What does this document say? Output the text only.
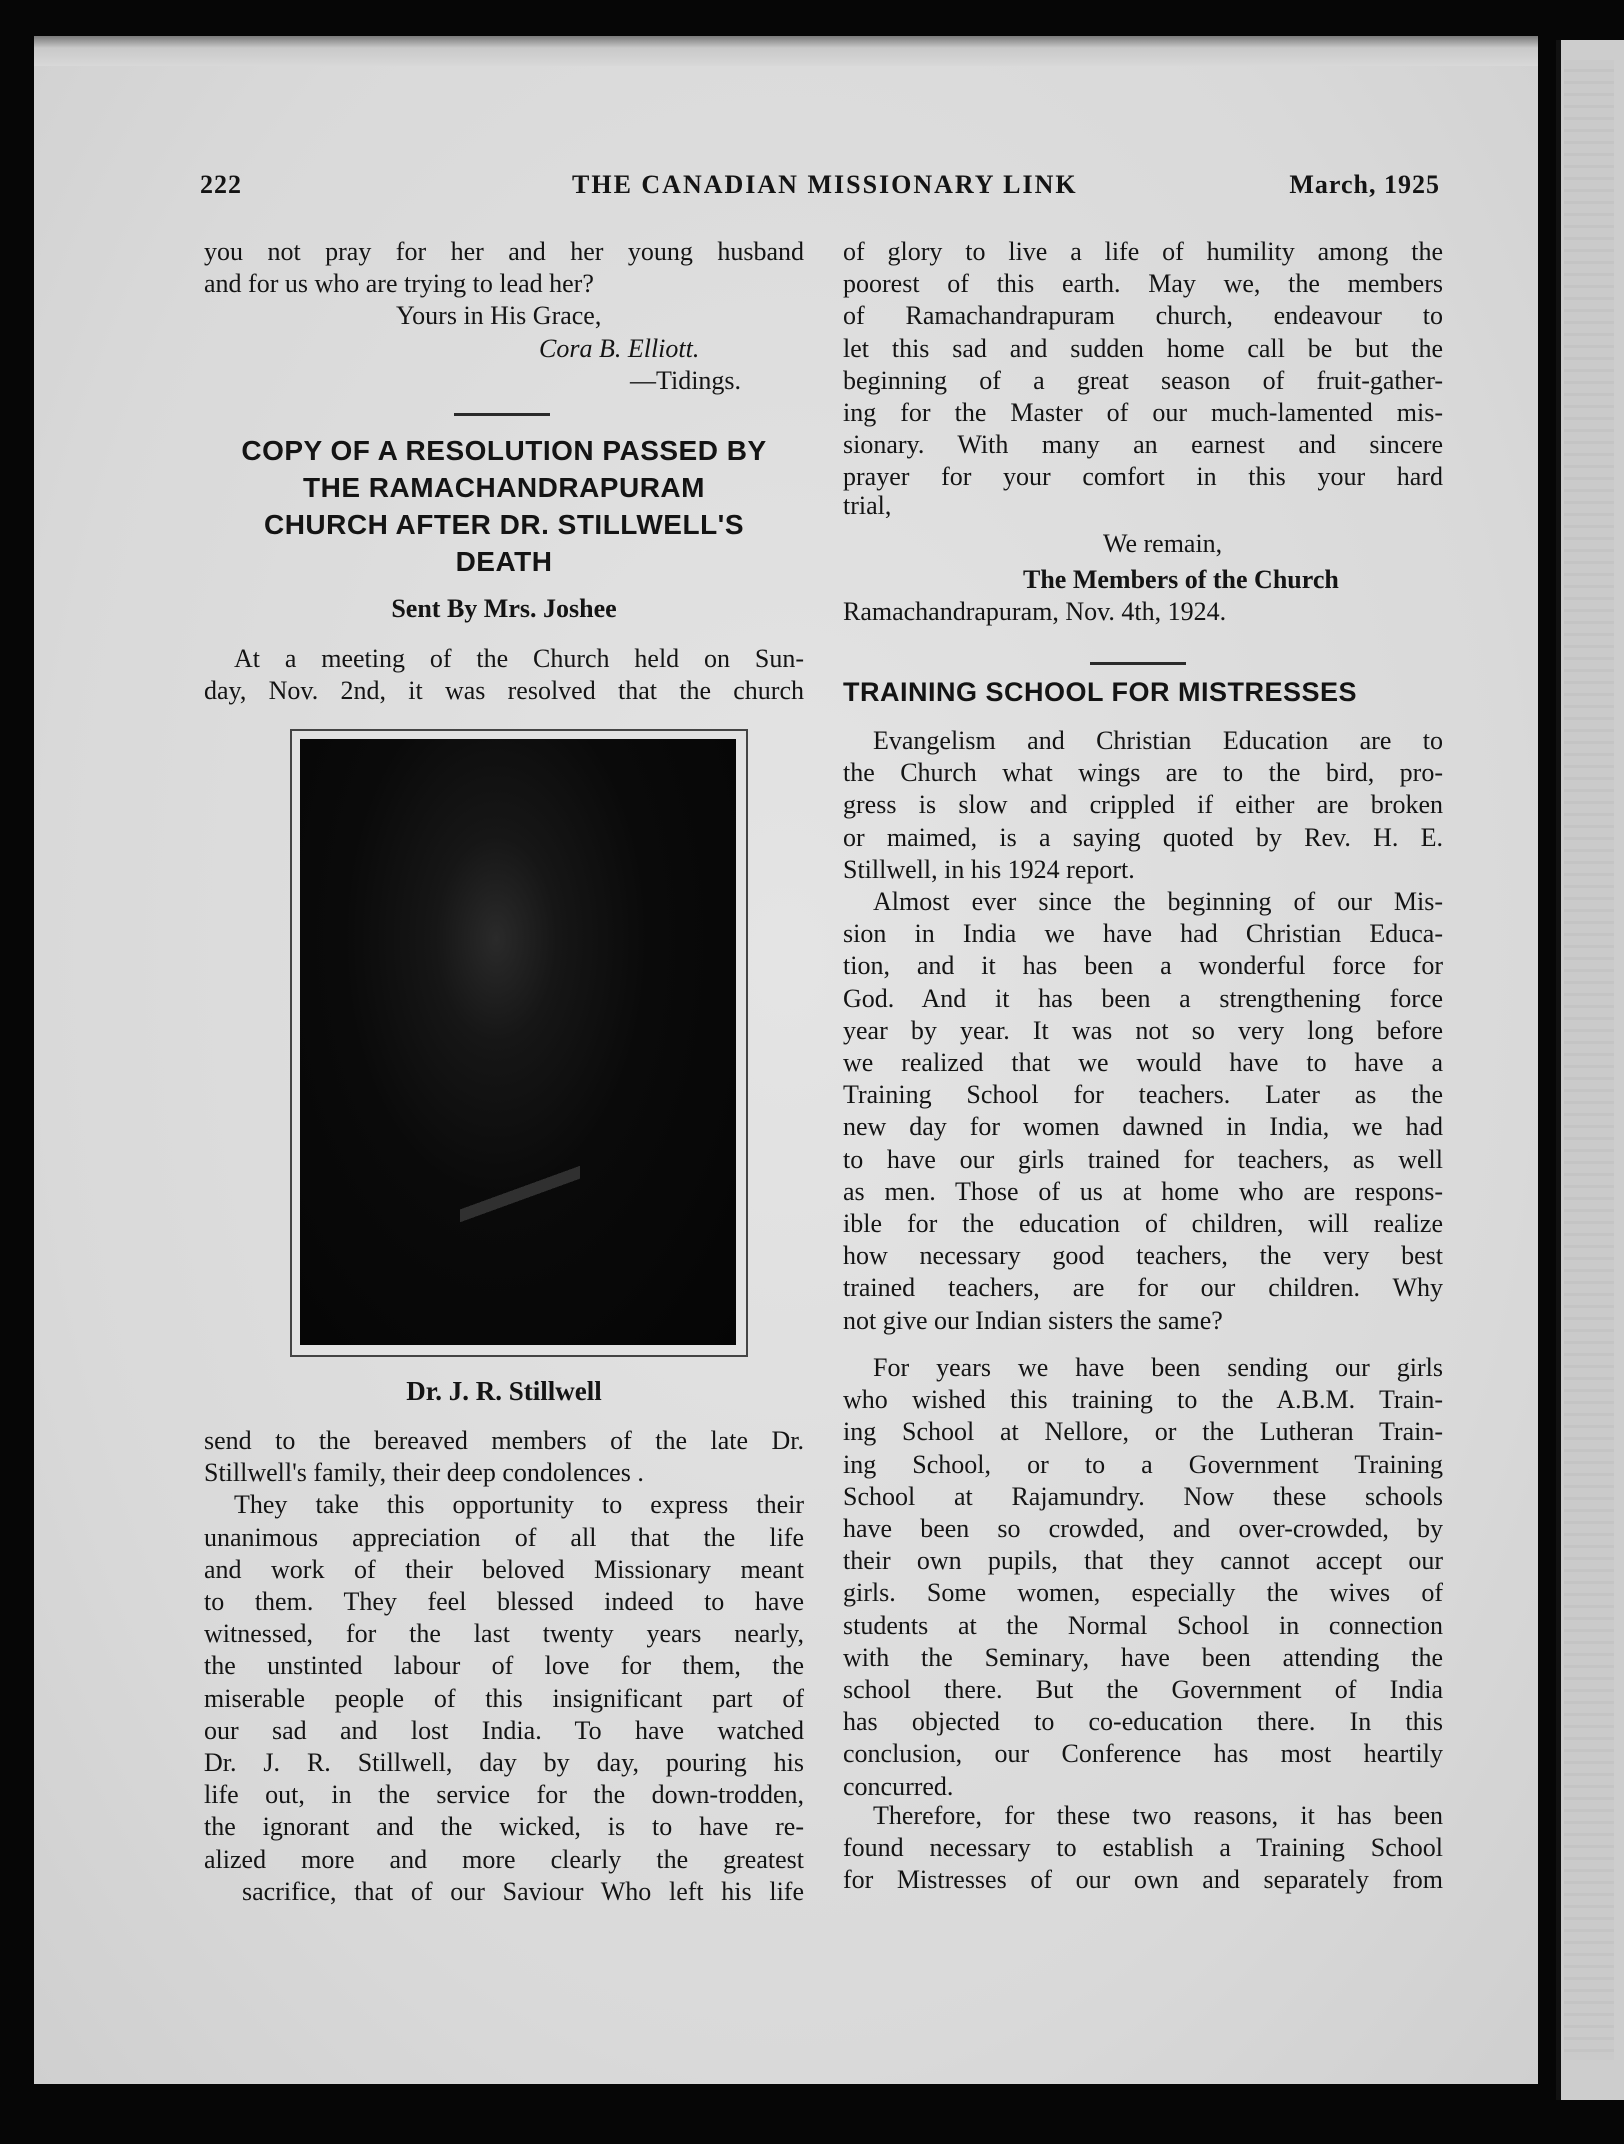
222	THE CANADIAN MISSIONARY LINK	March, 1925
you not pray for her and her young husband
and for us who are trying to lead her?
Yours in His Grace,
Cora B. Elliott.
—Tidings.
COPY OF A RESOLUTION PASSED BY
THE RAMACHANDRAPURAM
CHURCH AFTER DR. STILLWELL'S
DEATH
Sent By Mrs. Joshee
At a meeting of the Church held on Sun-
day, Nov. 2nd, it was resolved that the church
Dr. J. R. Stillwell
send to the bereaved members of the late Dr.
Stillwell's family, their deep condolences .
They take this opportunity to express their
unanimous appreciation of all that the life
and work of their beloved Missionary meant
to them. They feel blessed indeed to have
witnessed, for the last twenty years nearly,
the unstinted labour of love for them, the
miserable people of this insignificant part of
our sad and lost India. To have watched
Dr. J. R. Stillwell, day by day, pouring his
life out, in the service for the down-trodden,
the ignorant and the wicked, is to have re-
alized more and more clearly the greatest
sacrifice, that of our Saviour Who left his life
of glory to live a life of humility among the
poorest of this earth. May we, the members
of Ramachandrapuram church, endeavour to
let this sad and sudden home call be but the
beginning of a great season of fruit-gather-
ing for the Master of our much-lamented mis-
sionary. With many an earnest and sincere
prayer for your comfort in this your hard
trial,
We remain,
The Members of the Church
Ramachandrapuram, Nov. 4th, 1924.
TRAINING SCHOOL FOR MISTRESSES
Evangelism and Christian Education are to
the Church what wings are to the bird, pro-
gress is slow and crippled if either are broken
or maimed, is a saying quoted by Rev. H. E.
Stillwell, in his 1924 report.
Almost ever since the beginning of our Mis-
sion in India we have had Christian Educa-
tion, and it has been a wonderful force for
God. And it has been a strengthening force
year by year. It was not so very long before
we realized that we would have to have a
Training School for teachers. Later as the
new day for women dawned in India, we had
to have our girls trained for teachers, as well
as men. Those of us at home who are respons-
ible for the education of children, will realize
how necessary good teachers, the very best
trained teachers, are for our children. Why
not give our Indian sisters the same?
For years we have been sending our girls
who wished this training to the A.B.M. Train-
ing School at Nellore, or the Lutheran Train-
ing School, or to a Government Training
School at Rajamundry. Now these schools
have been so crowded, and over-crowded, by
their own pupils, that they cannot accept our
girls. Some women, especially the wives of
students at the Normal School in connection
with the Seminary, have been attending the
school there. But the Government of India
has objected to co-education there. In this
conclusion, our Conference has most heartily
concurred.
Therefore, for these two reasons, it has been
found necessary to establish a Training School
for Mistresses of our own and separately from
